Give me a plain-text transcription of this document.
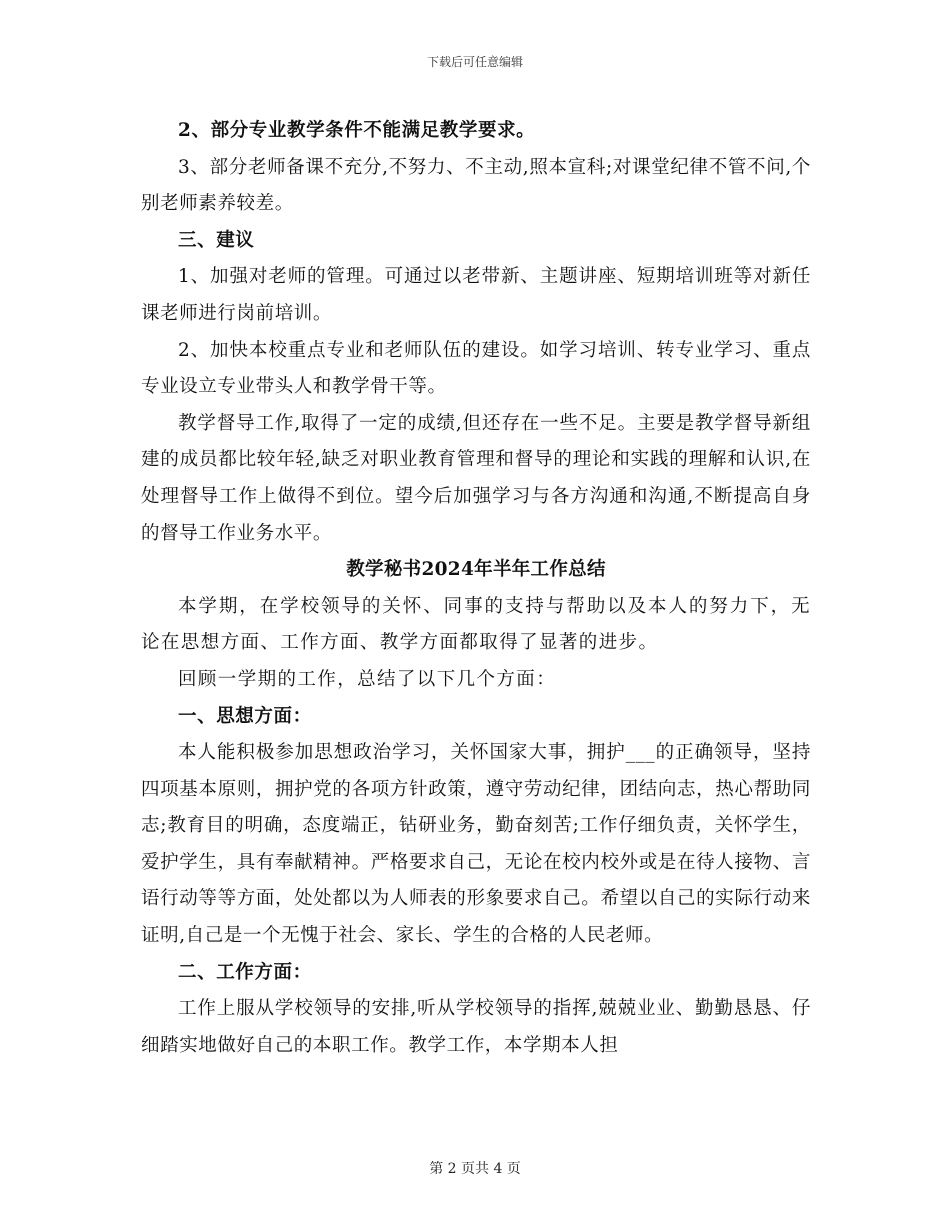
下载后可任意编辑

2、部分专业教学条件不能满足教学要求。

3、部分老师备课不充分,不努力、不主动,照本宣科;对课堂纪律不管不问,个别老师素养较差。

三、建议

1、加强对老师的管理。可通过以老带新、主题讲座、短期培训班等对新任课老师进行岗前培训。

2、加快本校重点专业和老师队伍的建设。如学习培训、转专业学习、重点专业设立专业带头人和教学骨干等。

教学督导工作,取得了一定的成绩,但还存在一些不足。主要是教学督导新组建的成员都比较年轻,缺乏对职业教育管理和督导的理论和实践的理解和认识,在处理督导工作上做得不到位。望今后加强学习与各方沟通和沟通,不断提高自身的督导工作业务水平。

教学秘书2024年半年工作总结

本学期，在学校领导的关怀、同事的支持与帮助以及本人的努力下，无论在思想方面、工作方面、教学方面都取得了显著的进步。

回顾一学期的工作，总结了以下几个方面：

一、思想方面：

本人能积极参加思想政治学习，关怀国家大事，拥护___的正确领导，坚持四项基本原则，拥护党的各项方针政策，遵守劳动纪律，团结向志，热心帮助同志;教育目的明确，态度端正，钻研业务，勤奋刻苦;工作仔细负责，关怀学生，爱护学生，具有奉献精神。严格要求自己，无论在校内校外或是在待人接物、言语行动等等方面，处处都以为人师表的形象要求自己。希望以自己的实际行动来证明,自己是一个无愧于社会、家长、学生的合格的人民老师。

二、工作方面：

工作上服从学校领导的安排,听从学校领导的指挥,兢兢业业、勤勤恳恳、仔细踏实地做好自己的本职工作。教学工作，本学期本人担

第 2 页共 4 页
